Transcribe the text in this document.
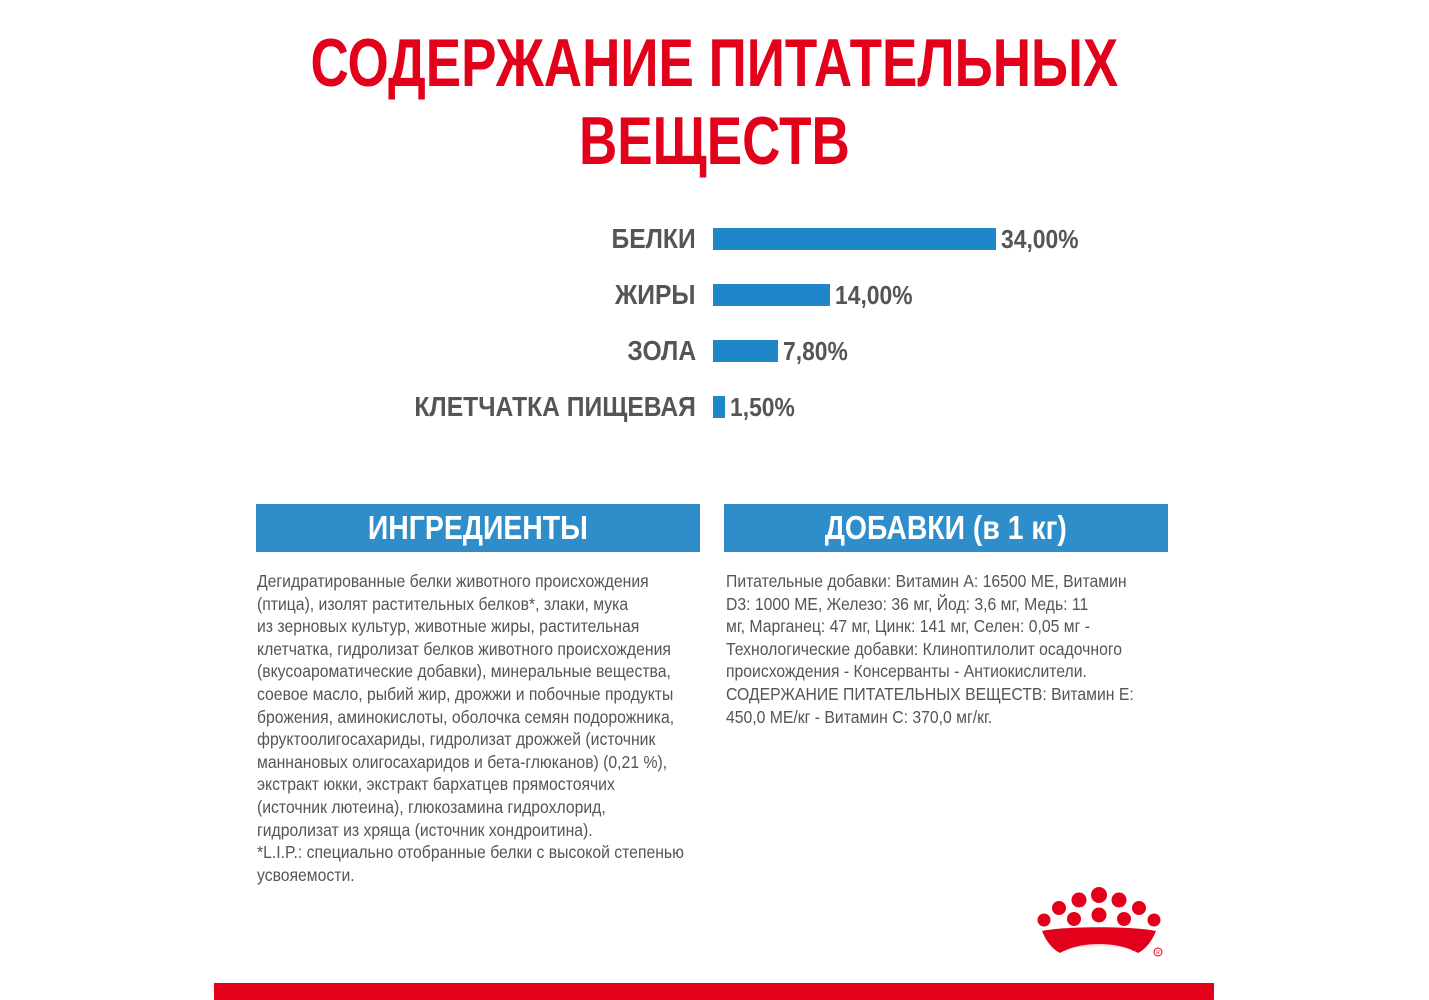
СОДЕРЖАНИЕ ПИТАТЕЛЬНЫХ
ВЕЩЕСТВ
БЕЛКИ	34,00%
ЖИРЫ	14,00%
ЗОЛА	7,80%
КЛЕТЧАТКА ПИЩЕВАЯ 1,50%
ИНГРЕДИЕНТЫ
Дегидратированные белки животного происхождения
(птица), изолят растительных белков*, злаки, мука
из зерновых культур, животные жиры, растительная
клетчатка, гидролизат белков животного происхождения
(вкусоароматические добавки), минеральные вещества,
соевое масло, рыбий жир, дрожжи и побочные продукты
брожения, аминокислоты, оболочка семян подорожника,
фруктоолигосахариды, гидролизат дрожжей (источник
маннановых олигосахаридов и бета-глюканов) (0,21 %),
экстракт юкки, экстракт бархатцев прямостоячих
(источник лютеина), глюкозамина гидрохлорид,
гидролизат из хряща (источник хондроитина).
*L.I.P.: специально отобранные белки с высокой степенью
усвояемости.
ДОБАВКИ (в 1 кг)
Питательные добавки: Витамин А: 16500 МЕ, Витамин
D3: 1000 МЕ, Железо: 36 мг, Йод: 3,6 мг, Медь: 11
мг, Марганец: 47 мг, Цинк: 141 мг, Селен: 0,05 мг -
Технологические добавки: Клиноптилолит осадочного
происхождения - Консерванты - Антиокислители.
СОДЕРЖАНИЕ ПИТАТЕЛЬНЫХ ВЕЩЕСТВ: Витамин Е:
450,0 МЕ/кг - Витамин С: 370,0 мг/кг.
R
